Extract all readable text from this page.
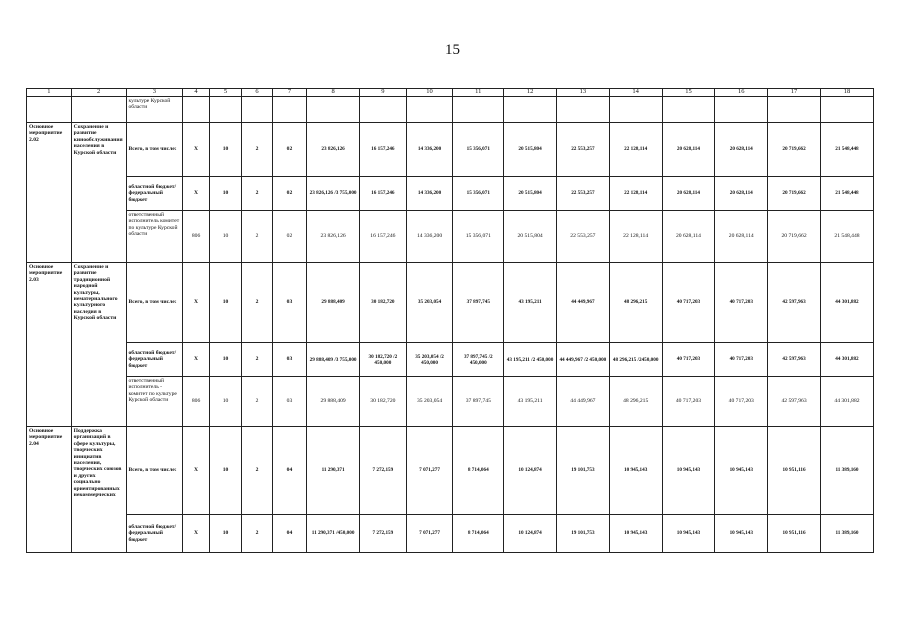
15
1	2	3	4	5	6	7	8	9	10	11	12	13	14	15	16	17	18
		культуре Курской области															
Основное мероприятие 2.02	Сохранение и развитие кинообслуживания населения в Курской области	Всего, в том числе:	X	10	2	02	23 826,126	16 157,246	14 336,200	15 356,071	20 515,804	22 553,257	22 128,114	20 628,114	20 628,114	20 719,662	21 548,448
		областной бюджет/ федеральный бюджет	X	10	2	02	23 826,126 /3 755,000	16 157,246	14 336,200	15 356,071	20 515,804	22 553,257	22 128,114	20 628,114	20 628,114	20 719,662	21 548,448
		ответственный исполнитель комитет по культуре Курской области	806	10	2	02	23 826,126	16 157,246	14 336,200	15 356,071	20 515,804	22 553,257	22 128,114	20 628,114	20 628,114	20 719,662	21 548,448
Основное мероприятие 2.03	Сохранение и развитие традиционной народной культуры, нематериального культурного наследия в Курской области	Всего, в том числе:	X	10	2	03	29 888,409	30 182,720	35 203,054	37 897,745	43 195,211	44 449,967	48 296,215	40 717,203	40 717,203	42 597,963	44 301,882
		областной бюджет/ федеральный бюджет	X	10	2	03	29 888,409 /3 755,000	30 182,720 /2 450,000	35 203,054 /2 450,000	37 897,745 /2 450,000	43 195,211 /2 450,000	44 449,967 /2 450,000	48 296,215 /2450,000	40 717,203	40 717,203	42 597,963	44 301,882
		ответственный исполнитель - комитет по культуре Курской области	806	10	2	03	29 888,409	30 182,720	35 203,054	37 897,745	43 195,211	44 449,967	48 296,215	40 717,203	40 717,203	42 597,963	44 301,882
Основное мероприятие 2.04	Поддержка организаций в сфере культуры, творческих инициатив населения, творческих союзов и других социально ориентированных некоммерческих	Всего, в том числе:	X	10	2	04	11 290,371	7 272,159	7 071,277	8 714,064	10 124,874	19 101,753	10 945,143	10 945,143	10 945,143	10 951,116	11 389,160
		областной бюджет/ федеральный бюджет	X	10	2	04	11 290,371 /450,000	7 272,159	7 071,277	8 714,064	10 124,874	19 101,753	10 945,143	10 945,143	10 945,143	10 951,116	11 389,160
